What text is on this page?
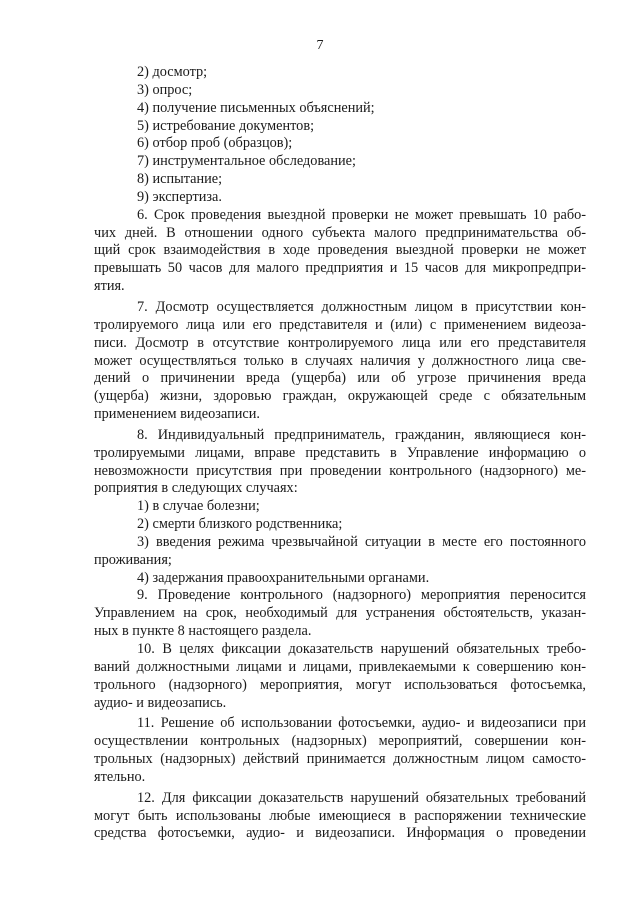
7
2) досмотр;
3) опрос;
4) получение письменных объяснений;
5) истребование документов;
6) отбор проб (образцов);
7) инструментальное обследование;
8) испытание;
9) экспертиза.
6. Срок проведения выездной проверки не может превышать 10 рабо-
чих дней. В отношении одного субъекта малого предпринимательства об-
щий срок взаимодействия в ходе проведения выездной проверки не может
превышать 50 часов для малого предприятия и 15 часов для микропредпри-
ятия.
7. Досмотр осуществляется должностным лицом в присутствии кон-
тролируемого лица или его представителя и (или) с применением видеоза-
писи. Досмотр в отсутствие контролируемого лица или его представителя
может осуществляться только в случаях наличия у должностного лица све-
дений о причинении вреда (ущерба) или об угрозе причинения вреда
(ущерба) жизни, здоровью граждан, окружающей среде с обязательным
применением видеозаписи.
8. Индивидуальный предприниматель, гражданин, являющиеся кон-
тролируемыми лицами, вправе представить в Управление информацию о
невозможности присутствия при проведении контрольного (надзорного) ме-
роприятия в следующих случаях:
1) в случае болезни;
2) смерти близкого родственника;
3) введения режима чрезвычайной ситуации в месте его постоянного
проживания;
4) задержания правоохранительными органами.
9. Проведение контрольного (надзорного) мероприятия переносится
Управлением на срок, необходимый для устранения обстоятельств, указан-
ных в пункте 8 настоящего раздела.
10. В целях фиксации доказательств нарушений обязательных требо-
ваний должностными лицами и лицами, привлекаемыми к совершению кон-
трольного (надзорного) мероприятия, могут использоваться фотосъемка,
аудио- и видеозапись.
11. Решение об использовании фотосъемки, аудио- и видеозаписи при
осуществлении контрольных (надзорных) мероприятий, совершении кон-
трольных (надзорных) действий принимается должностным лицом самосто-
ятельно.
12. Для фиксации доказательств нарушений обязательных требований
могут быть использованы любые имеющиеся в распоряжении технические
средства фотосъемки, аудио- и видеозаписи. Информация о проведении
